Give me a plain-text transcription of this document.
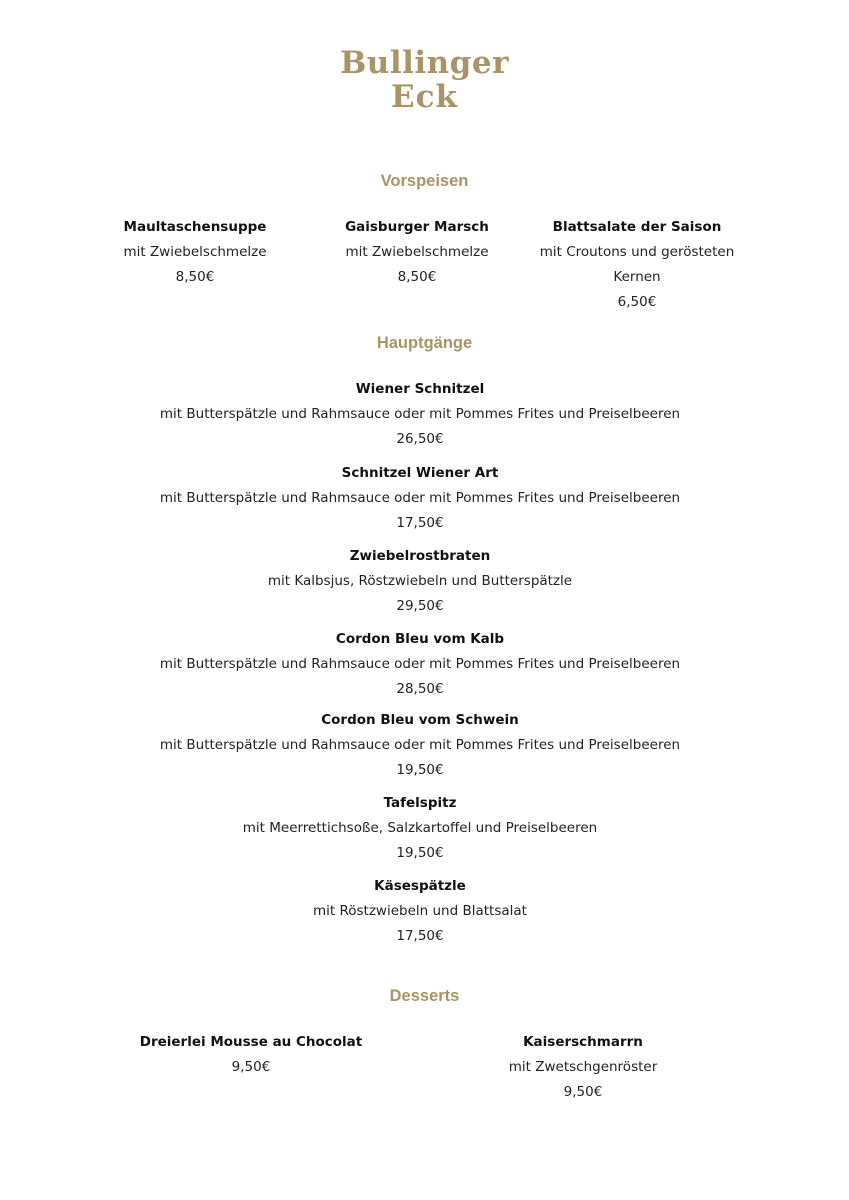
Bullinger
Eck
Vorspeisen
Maultaschensuppe
mit Zwiebelschmelze
8,50€
Gaisburger Marsch
mit Zwiebelschmelze
8,50€
Blattsalate der Saison
mit Croutons und gerösteten Kernen
6,50€
Hauptgänge
Wiener Schnitzel
mit Butterspätzle und Rahmsauce oder mit Pommes Frites und Preiselbeeren
26,50€
Schnitzel Wiener Art
mit Butterspätzle und Rahmsauce oder mit Pommes Frites und Preiselbeeren
17,50€
Zwiebelrostbraten
mit Kalbsjus, Röstzwiebeln und Butterspätzle
29,50€
Cordon Bleu vom Kalb
mit Butterspätzle und Rahmsauce oder mit Pommes Frites und Preiselbeeren
28,50€
Cordon Bleu vom Schwein
mit Butterspätzle und Rahmsauce oder mit Pommes Frites und Preiselbeeren
19,50€
Tafelspitz
mit Meerrettichsoße, Salzkartoffel und Preiselbeeren
19,50€
Käsespätzle
mit Röstzwiebeln und Blattsalat
17,50€
Desserts
Dreierlei Mousse au Chocolat
9,50€
Kaiserschmarrn
mit Zwetschgenröster
9,50€
